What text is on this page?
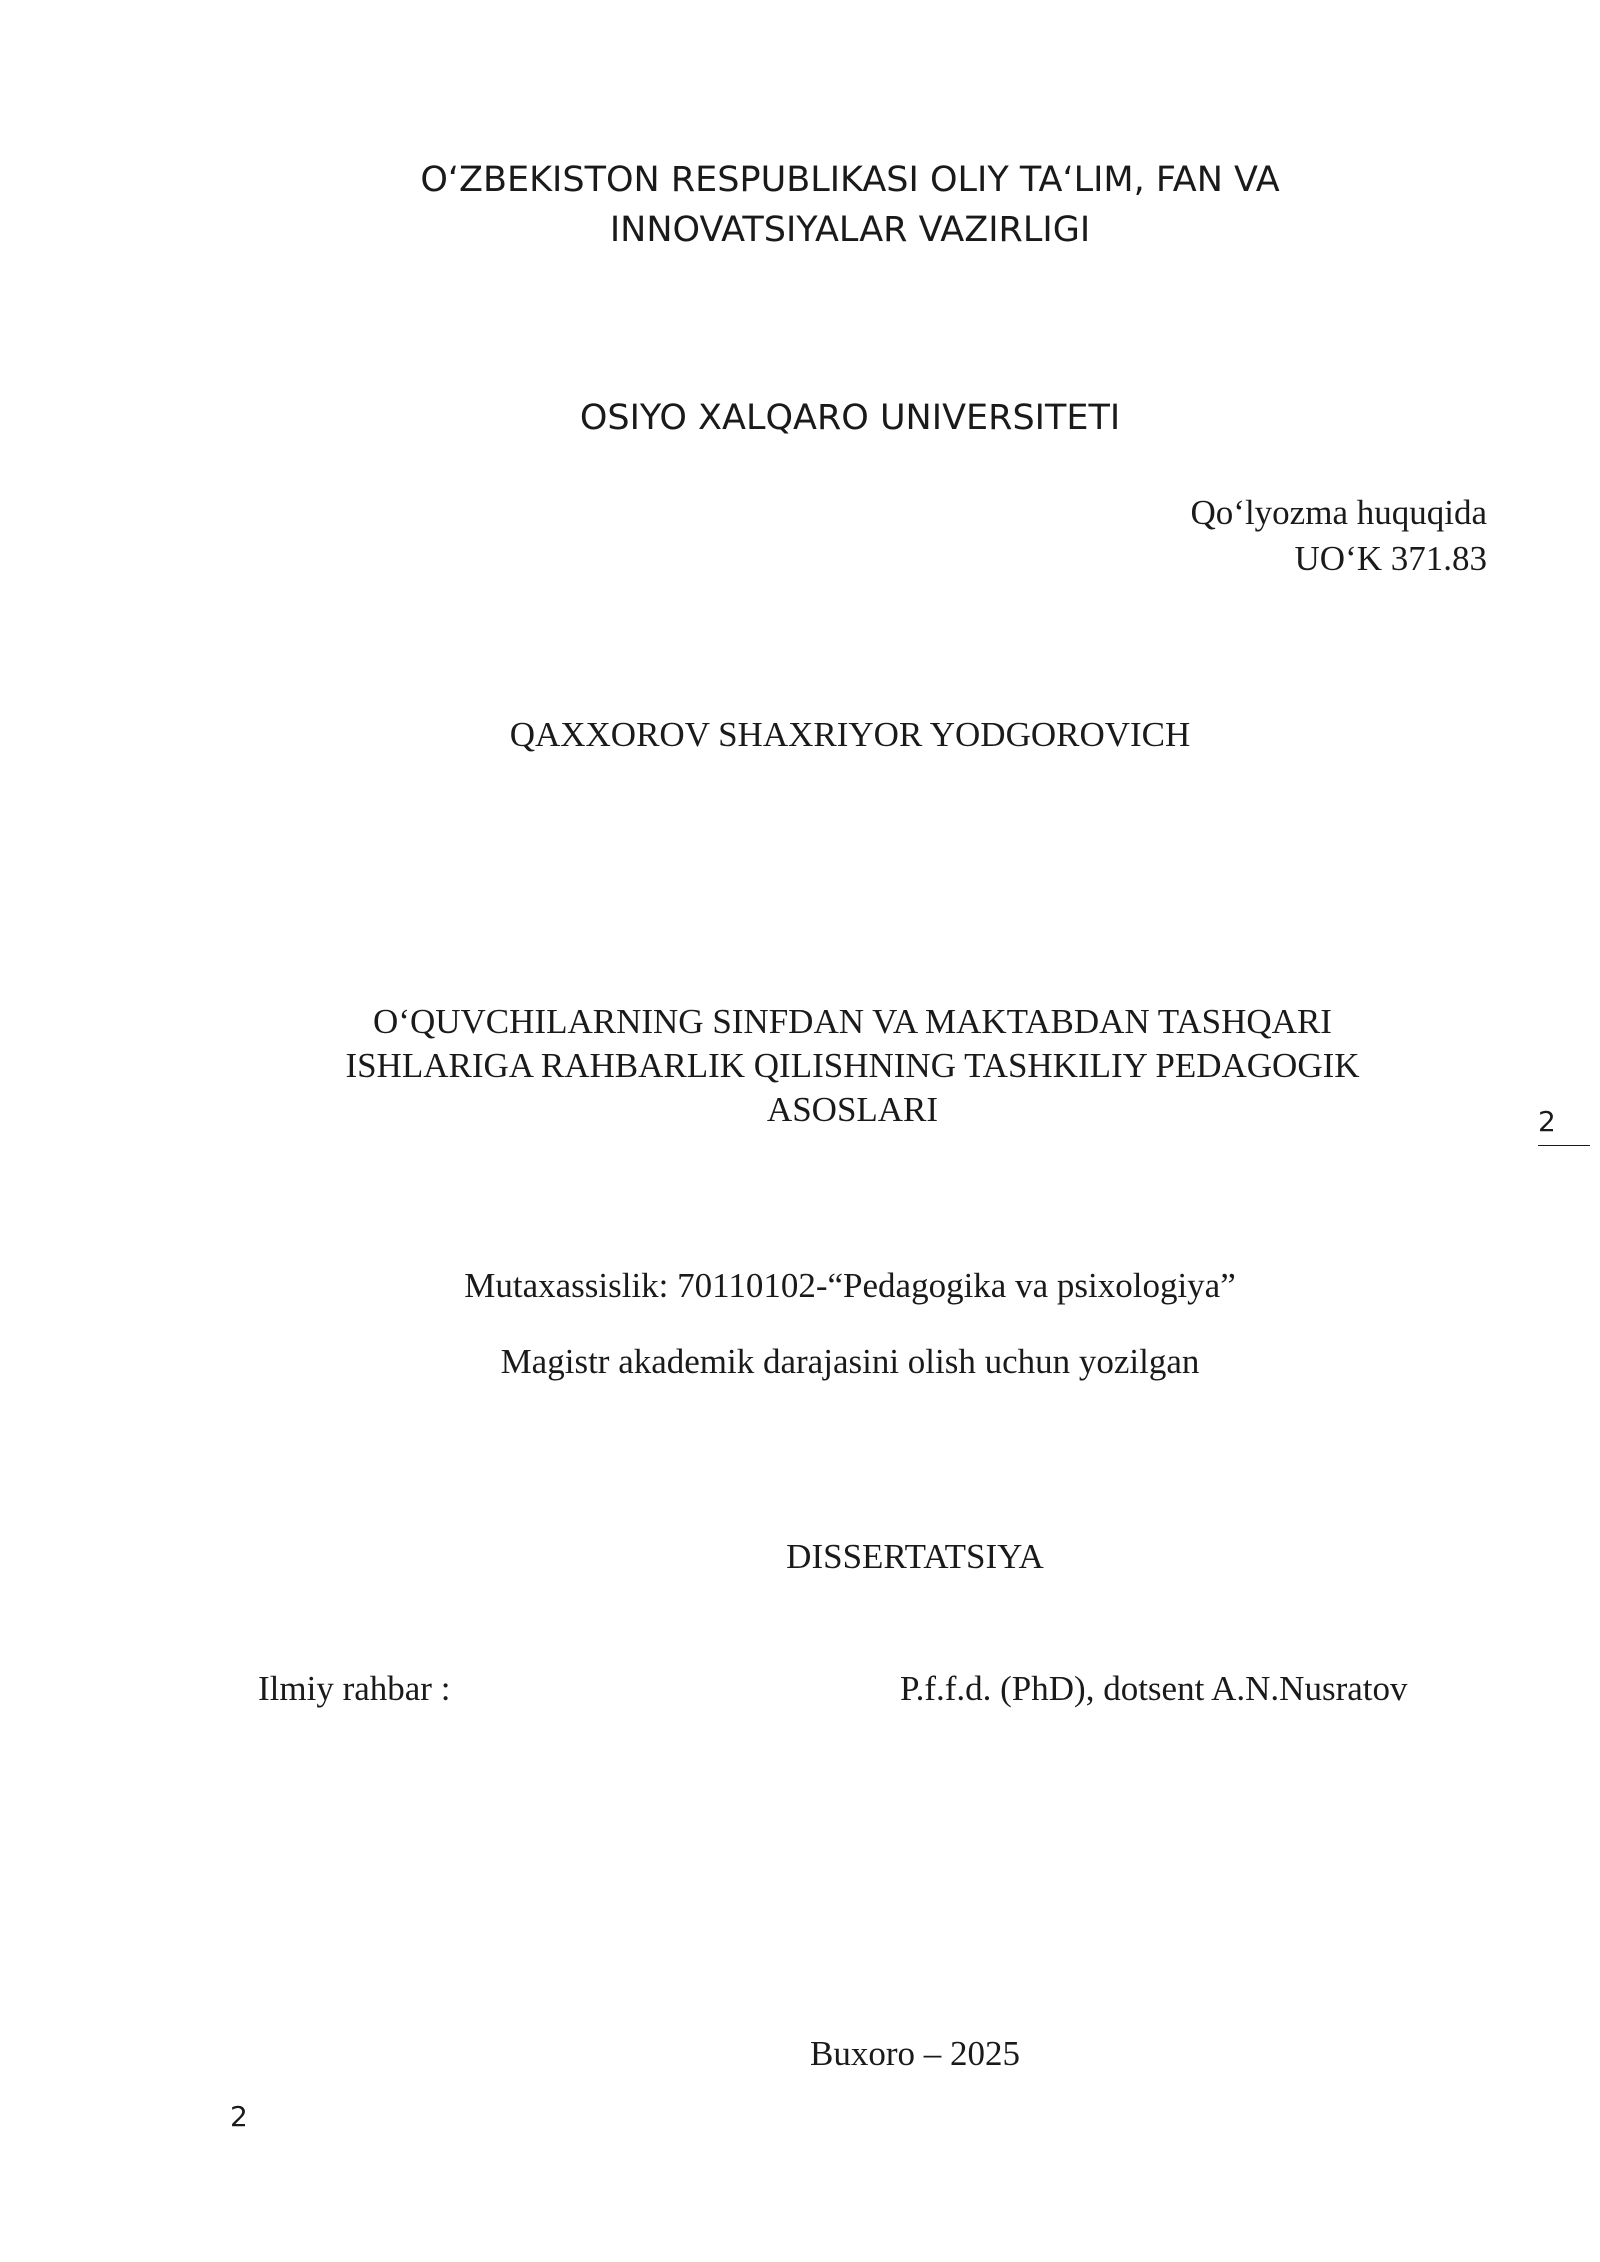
O‘ZBEKISTON RESPUBLIKASI OLIY TA‘LIM, FAN VA
INNOVATSIYALAR VAZIRLIGI
OSIYO XALQARO UNIVERSITETI
Qo‘lyozma huquqida
UO‘K 371.83
QAXXOROV SHAXRIYOR YODGOROVICH
O‘QUVCHILARNING SINFDAN VA MAKTABDAN TASHQARI
ISHLARIGA RAHBARLIK QILISHNING TASHKILIY PEDAGOGIK
ASOSLARI	2
Mutaxassislik: 70110102-“Pedagogika va psixologiya”
Magistr akademik darajasini olish uchun yozilgan
DISSERTATSIYA
Ilmiy rahbar :	P.f.f.d. (PhD), dotsent A.N.Nusratov
Buxoro – 2025
2
